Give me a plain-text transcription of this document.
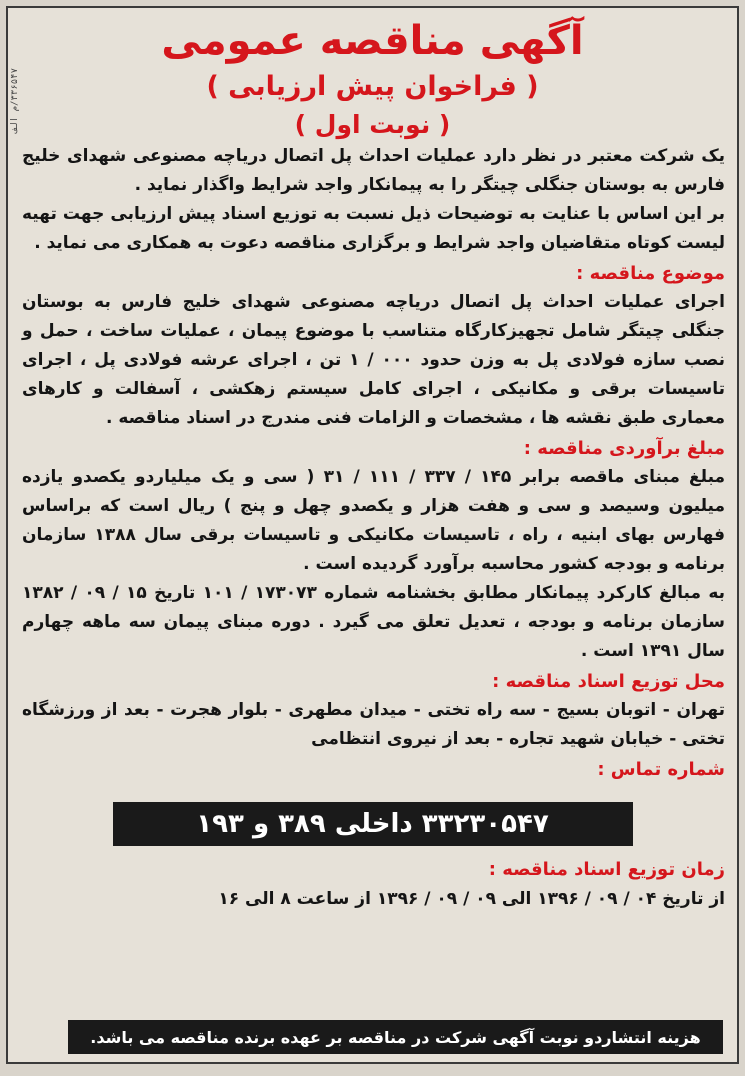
۳۳۶۵۴۷/م الف
آگهی مناقصه عمومی
( فراخوان پیش ارزیابی )
( نوبت اول )
یک شرکت معتبر در نظر دارد عملیات احداث پل اتصال دریاچه مصنوعی شهدای خلیج فارس به بوستان جنگلی چیتگر را به پیمانکار واجد شرایط واگذار نماید .
بر این اساس با عنایت به توضیحات ذیل نسبت به توزیع اسناد پیش ارزیابی جهت تهیه لیست کوتاه متقاضیان واجد شرایط و برگزاری مناقصه دعوت به همکاری می نماید .
موضوع مناقصه :
اجرای عملیات احداث پل اتصال دریاچه مصنوعی شهدای خلیج فارس به بوستان جنگلی چیتگر شامل تجهیزکارگاه متناسب با موضوع پیمان ، عملیات ساخت ، حمل و نصب سازه فولادی پل به وزن حدود ۰۰۰ / ۱ تن ، اجرای عرشه فولادی پل ، اجرای تاسیسات برقی و مکانیکی ، اجرای کامل سیستم زهکشی ، آسفالت و کارهای معماری طبق نقشه ها ، مشخصات و الزامات فنی مندرج در اسناد مناقصه .
مبلغ برآوردی مناقصه :
مبلغ مبنای ماقصه برابر ۱۴۵ / ۳۳۷ / ۱۱۱ / ۳۱ ( سی و یک میلیاردو یکصدو یازده میلیون وسیصد و سی و هفت هزار و یکصدو چهل و پنج ) ریال است که براساس فهارس بهای ابنیه ، راه ، تاسیسات مکانیکی و تاسیسات برقی سال ۱۳۸۸ سازمان برنامه و بودجه کشور محاسبه برآورد گردیده است .
به مبالغ کارکرد پیمانکار مطابق بخشنامه شماره ۱۷۳۰۷۳ / ۱۰۱ تاریخ ۱۵ / ۰۹ / ۱۳۸۲ سازمان برنامه و بودجه ، تعدیل تعلق می گیرد . دوره مبنای پیمان سه ماهه چهارم سال ۱۳۹۱ است .
محل توزیع اسناد مناقصه :
تهران - اتوبان بسیج - سه راه تختی - میدان مطهری - بلوار هجرت - بعد از ورزشگاه تختی - خیابان شهید تجاره - بعد از نیروی انتظامی
شماره تماس :
۳۳۲۳۰۵۴۷ داخلی ۳۸۹ و ۱۹۳
زمان توزیع اسناد مناقصه :
از تاریخ ۰۴ / ۰۹ / ۱۳۹۶ الی ۰۹ / ۰۹ / ۱۳۹۶ از ساعت ۸ الی ۱۶
هزینه انتشاردو نوبت آگهی شرکت در مناقصه بر عهده برنده مناقصه می باشد.
